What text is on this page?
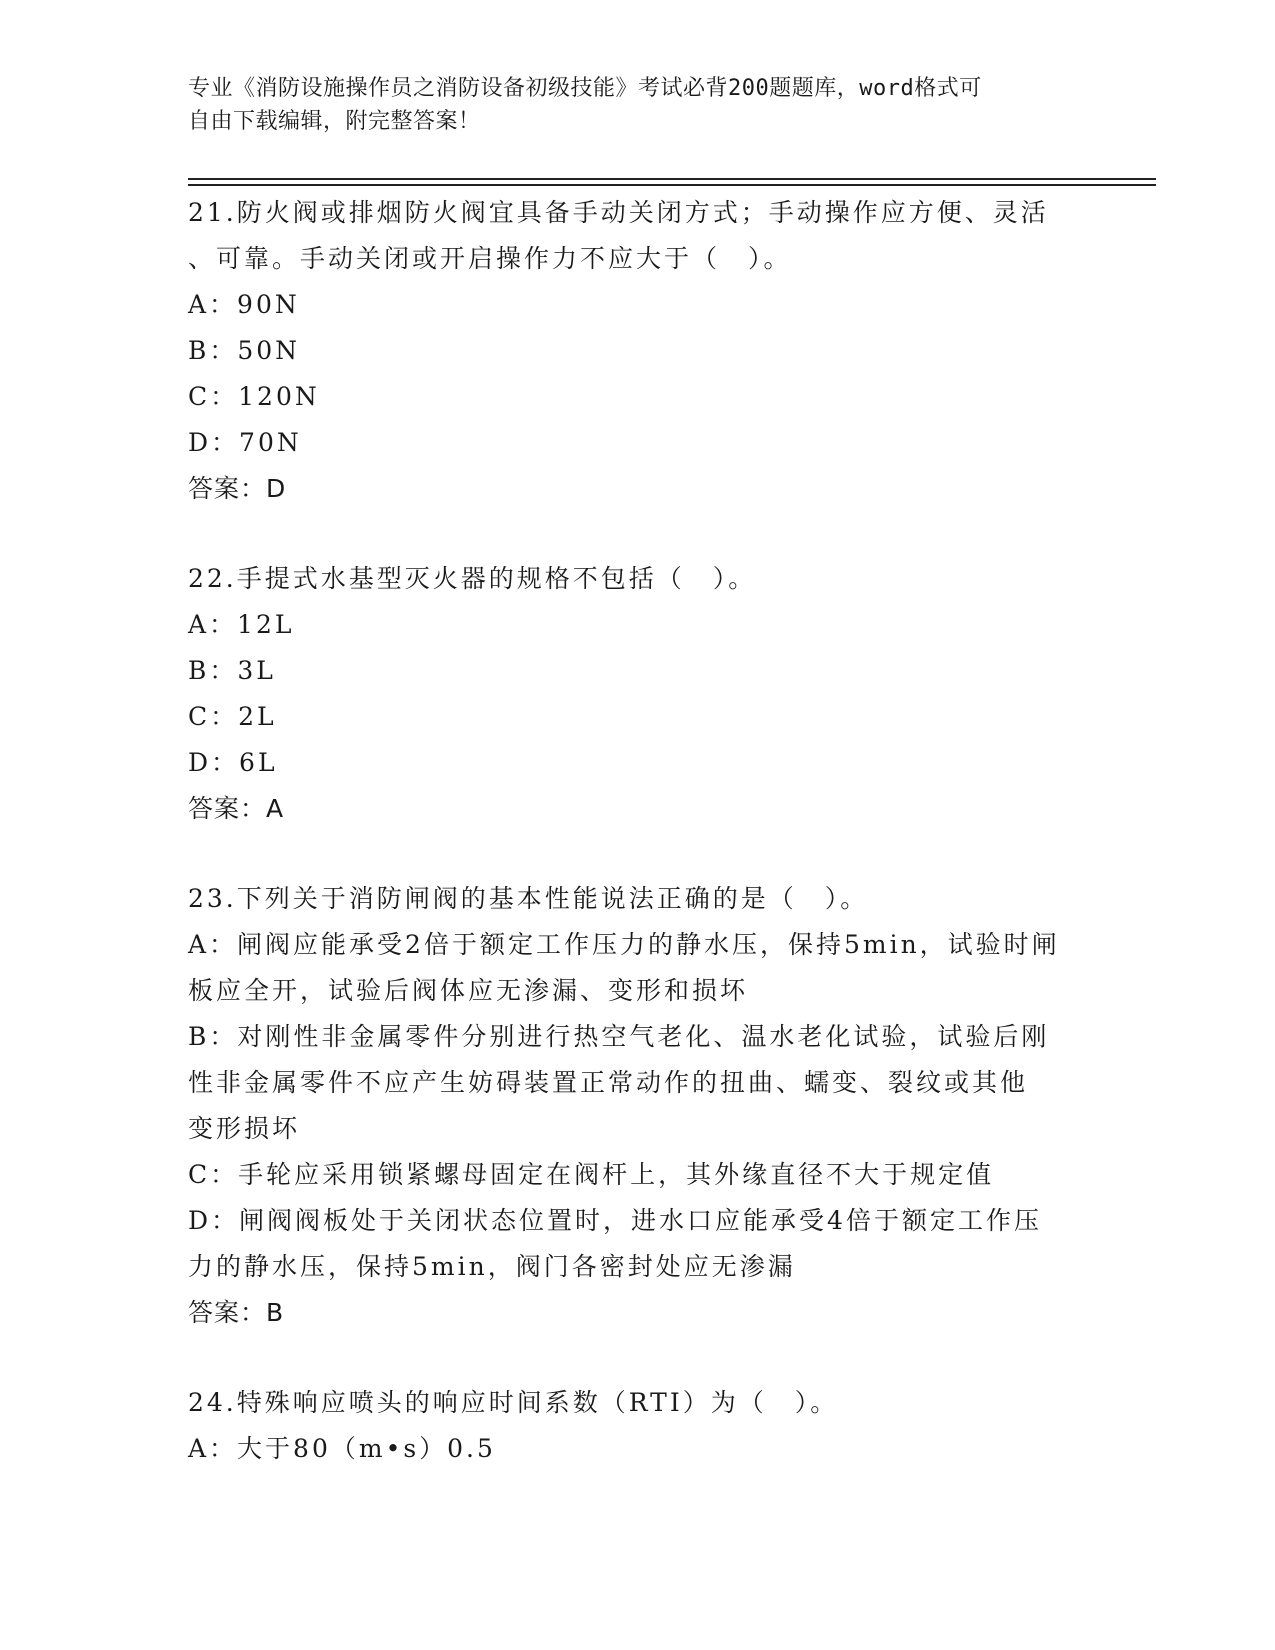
专业《消防设施操作员之消防设备初级技能》考试必背200题题库，word格式可
自由下载编辑，附完整答案！
21.防火阀或排烟防火阀宜具备手动关闭方式；手动操作应方便、灵活
、可靠。手动关闭或开启操作力不应大于（　）。
A：90N
B：50N
C：120N
D：70N
答案：D
22.手提式水基型灭火器的规格不包括（　）。
A：12L
B：3L
C：2L
D：6L
答案：A
23.下列关于消防闸阀的基本性能说法正确的是（　）。
A：闸阀应能承受2倍于额定工作压力的静水压，保持5min，试验时闸
板应全开，试验后阀体应无渗漏、变形和损坏
B：对刚性非金属零件分别进行热空气老化、温水老化试验，试验后刚
性非金属零件不应产生妨碍装置正常动作的扭曲、蠕变、裂纹或其他
变形损坏
C：手轮应采用锁紧螺母固定在阀杆上，其外缘直径不大于规定值
D：闸阀阀板处于关闭状态位置时，进水口应能承受4倍于额定工作压
力的静水压，保持5min，阀门各密封处应无渗漏
答案：B
24.特殊响应喷头的响应时间系数（RTI）为（　）。
A：大于80（m•s）0.5
